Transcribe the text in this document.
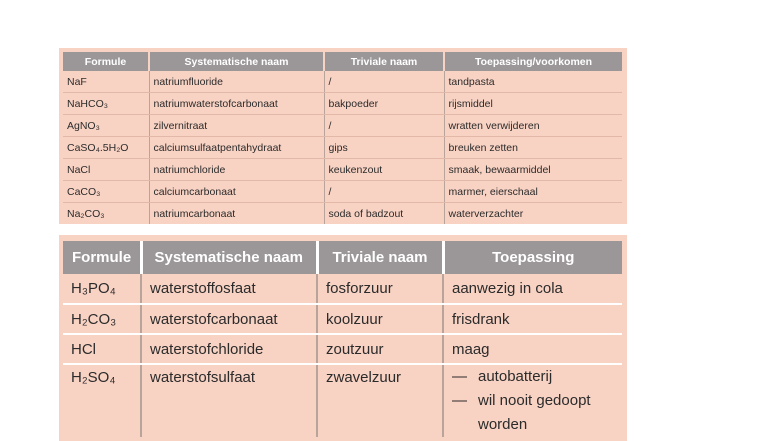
Formule	Systematische naam	Triviale naam	Toepassing/voorkomen
NaF	natriumfluoride	/	tandpasta
NaHCO₃	natriumwaterstofcarbonaat	bakpoeder	rijsmiddel
AgNO₃	zilvernitraat	/	wratten verwijderen
CaSO₄.5H₂O	calciumsulfaatpentahydraat	gips	breuken zetten
NaCl	natriumchloride	keukenzout	smaak, bewaarmiddel
CaCO₃	calciumcarbonaat	/	marmer, eierschaal
Na₂CO₃	natriumcarbonaat	soda of badzout	waterverzachter
Formule	Systematische naam	Triviale naam	Toepassing
H₃PO₄	waterstoffosfaat	fosforzuur	aanwezig in cola
H₂CO₃	waterstofcarbonaat	koolzuur	frisdrank
HCl	waterstofchloride	zoutzuur	maag
H₂SO₄	waterstofsulfaat	zwavelzuur	— autobatterij
— wil nooit gedoopt
worden
